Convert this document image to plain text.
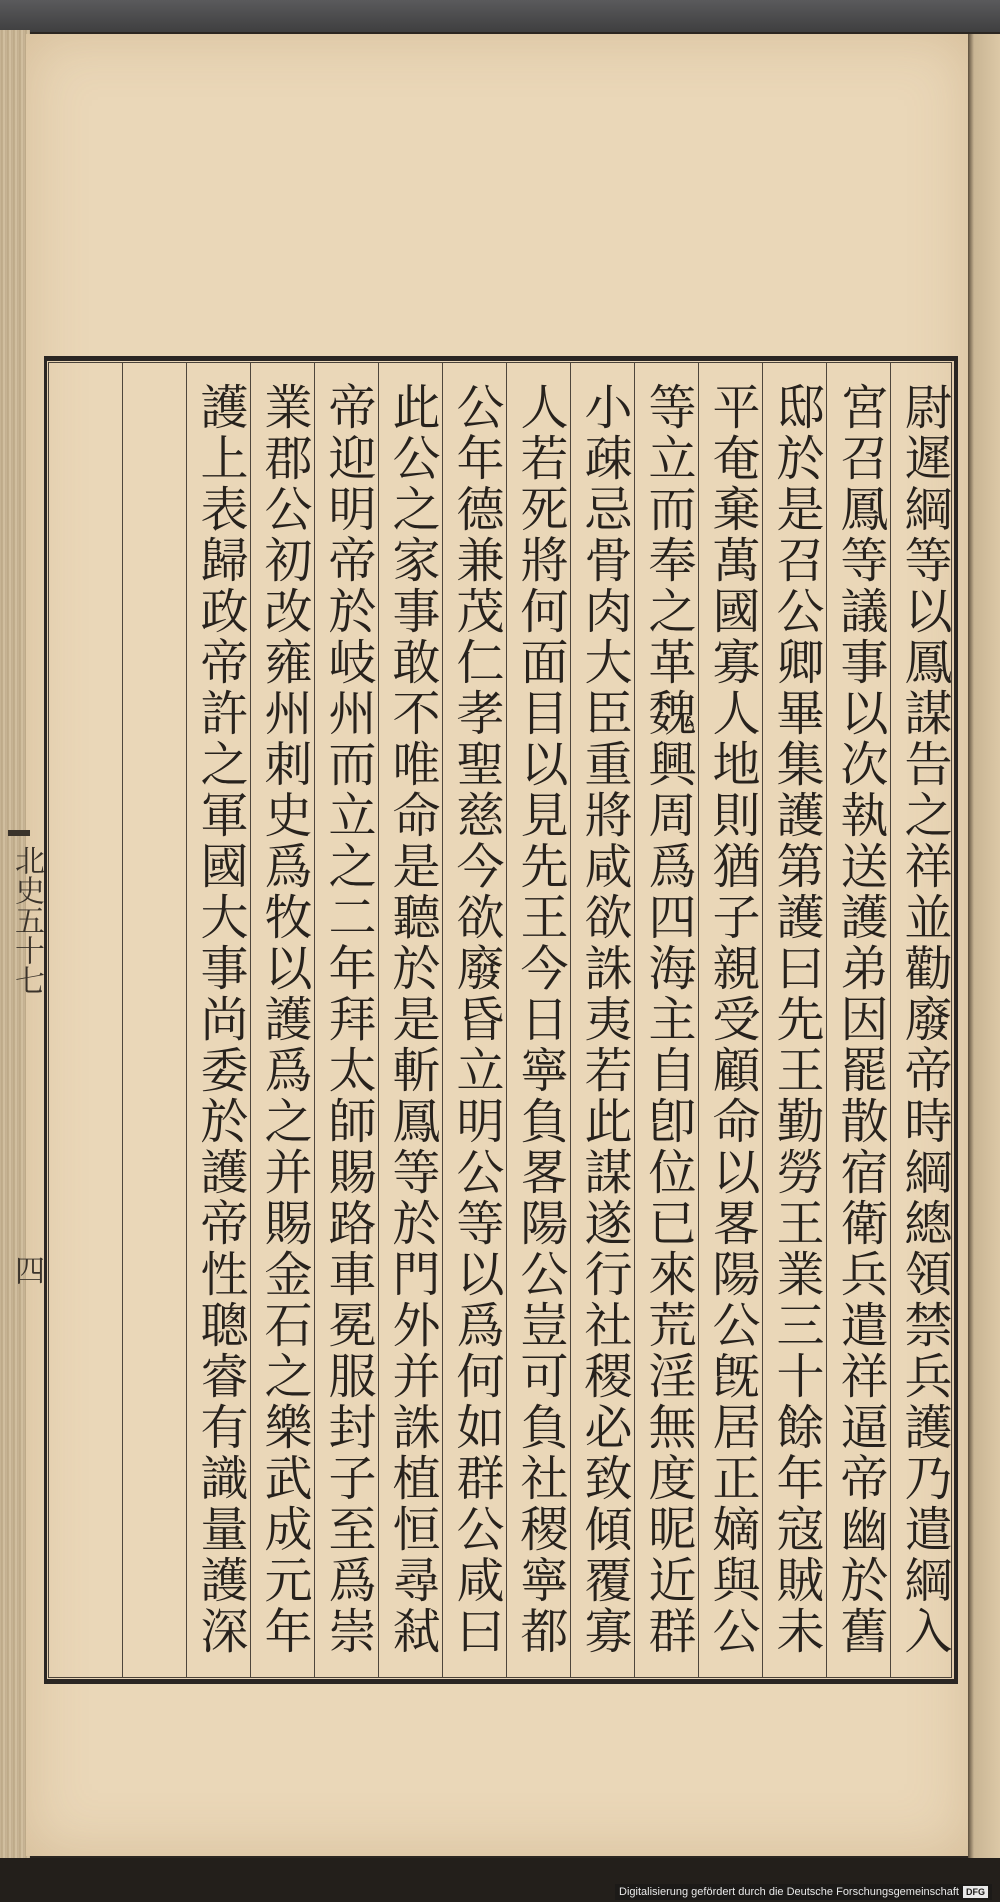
尉遲綱等以鳳謀告之祥並勸廢帝時綱總領禁兵護乃遣綱入
宮召鳳等議事以次執送護弟因罷散宿衛兵遣祥逼帝幽於舊
邸於是召公卿畢集護第護曰先王勤勞王業三十餘年寇賊未
平奄棄萬國寡人地則猶子親受顧命以畧陽公旣居正嫡與公
等立而奉之革魏興周爲四海主自卽位已來荒淫無度昵近群
小疎忌骨肉大臣重將咸欲誅夷若此謀遂行社稷必致傾覆寡
人若死將何面目以見先王今日寧負畧陽公豈可負社稷寧都
公年德兼茂仁孝聖慈今欲廢昏立明公等以爲何如群公咸曰
此公之家事敢不唯命是聽於是斬鳳等於門外并誅植恒尋弒
帝迎明帝於岐州而立之二年拜太師賜路車冕服封子至爲崇
業郡公初改雍州刺史爲牧以護爲之并賜金石之樂武成元年
護上表歸政帝許之軍國大事尚委於護帝性聰睿有識量護深
北史五十七
四
Digitalisierung gefördert durch die Deutsche Forschungsgemeinschaft DFG
